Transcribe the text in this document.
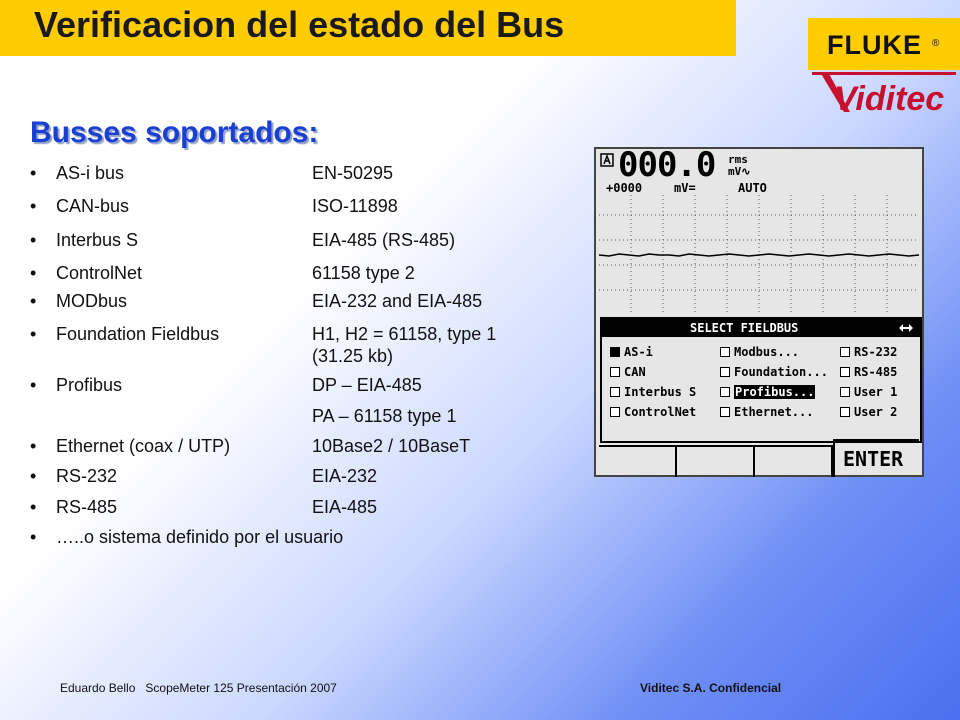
Verificacion del estado del Bus	FLUKE ®
Viditec
Busses soportados:
• AS-i bus	EN-50295
• CAN-bus	ISO-11898
• Interbus S	EIA-485 (RS-485)
• ControlNet	61158 type 2
• MODbus	EIA-232 and EIA-485
• Foundation Fieldbus	H1, H2 = 61158, type 1
(31.25 kb)
• Profibus	DP – EIA-485
PA – 61158 type 1
• Ethernet (coax / UTP)	10Base2 / 10BaseT
• RS-232	EIA-232
• RS-485	EIA-485
• …..o sistema definido por el usuario
000.0 rms
mV∿
+0000	mV=	AUTO
SELECT FIELDBUS
AS-i
CAN
Interbus S
ControlNet
Modbus...
Foundation...
Profibus...
Ethernet...
RS-232
RS-485
User 1
User 2
ENTER
Eduardo Bello   ScopeMeter 125 Presentación 2007	Viditec S.A. Confidencial
